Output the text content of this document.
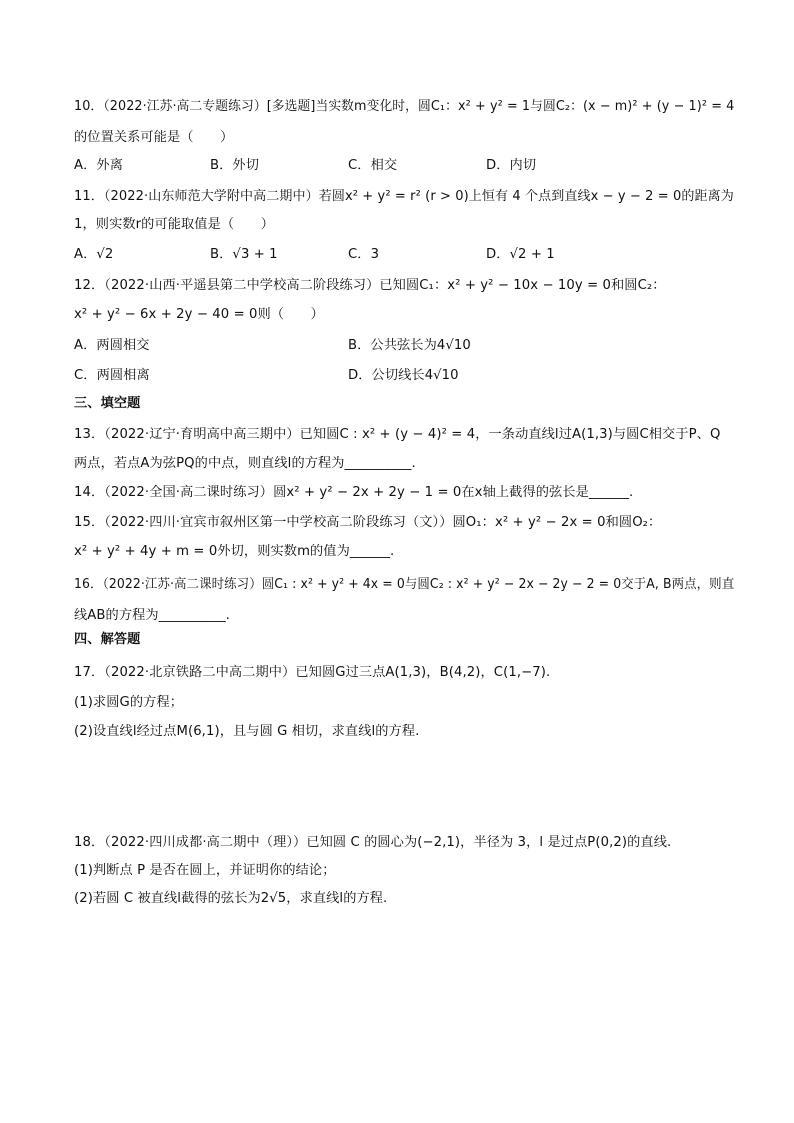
10．（2022·江苏·高二专题练习）[多选题]当实数m变化时，圆C₁：x² + y² = 1与圆C₂：(x − m)² + (y − 1)² = 4
的位置关系可能是（　　）
A．外离	B．外切	C．相交	D．内切
11．（2022·山东师范大学附中高二期中）若圆x² + y² = r² (r > 0)上恒有 4 个点到直线x − y − 2 = 0的距离为
1，则实数r的可能取值是（　　）
A．√2	B．√3 + 1	C．3	D．√2 + 1
12．（2022·山西·平遥县第二中学校高二阶段练习）已知圆C₁：x² + y² − 10x − 10y = 0和圆C₂：
x² + y² − 6x + 2y − 40 = 0则（　　）
A．两圆相交	B．公共弦长为4√10
C．两圆相离	D．公切线长4√10
三、填空题
13．（2022·辽宁·育明高中高三期中）已知圆C : x² + (y − 4)² = 4，一条动直线l过A(1,3)与圆C相交于P、Q
两点，若点A为弦PQ的中点，则直线l的方程为__________.
14．（2022·全国·高二课时练习）圆x² + y² − 2x + 2y − 1 = 0在x轴上截得的弦长是______.
15．（2022·四川·宜宾市叙州区第一中学校高二阶段练习（文））圆O₁：x² + y² − 2x = 0和圆O₂：
x² + y² + 4y + m = 0外切，则实数m的值为______.
16．（2022·江苏·高二课时练习）圆C₁ : x² + y² + 4x = 0与圆C₂ : x² + y² − 2x − 2y − 2 = 0交于A, B两点，则直
线AB的方程为__________.
四、解答题
17．（2022·北京铁路二中高二期中）已知圆G过三点A(1,3)，B(4,2)，C(1,−7).
(1)求圆G的方程；
(2)设直线l经过点M(6,1)，且与圆 G 相切，求直线l的方程.
18．（2022·四川成都·高二期中（理））已知圆 C 的圆心为(−2,1)，半径为 3，l 是过点P(0,2)的直线.
(1)判断点 P 是否在圆上，并证明你的结论；
(2)若圆 C 被直线l截得的弦长为2√5，求直线l的方程.
